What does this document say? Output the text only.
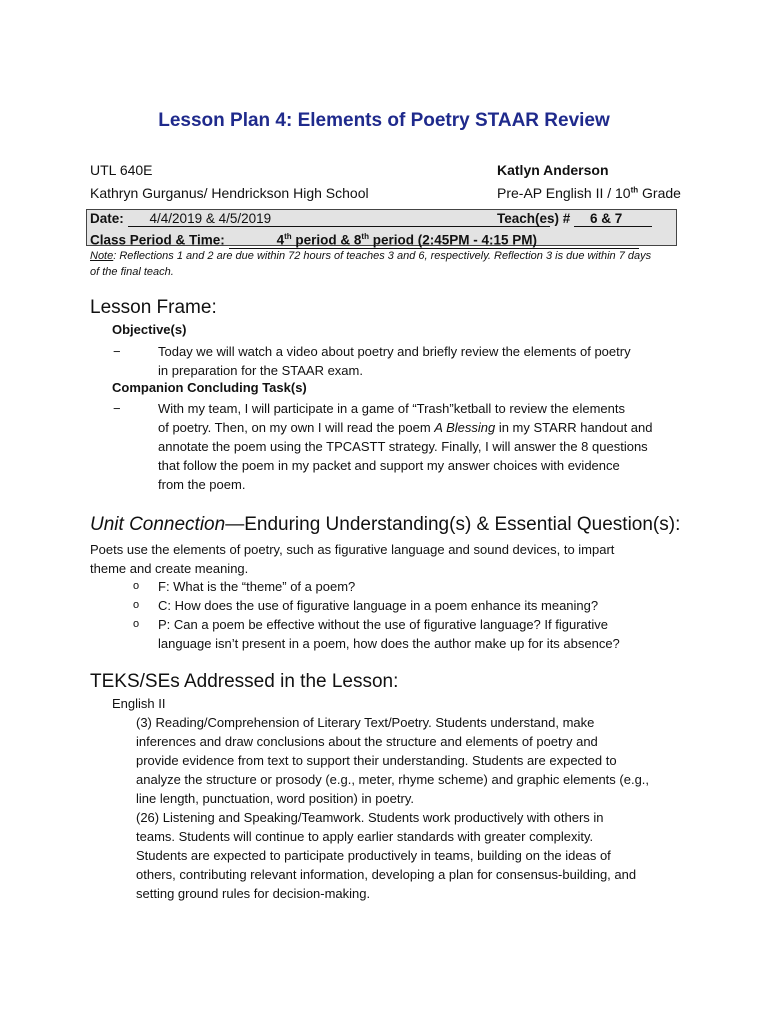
Lesson Plan 4: Elements of Poetry STAAR Review
UTL 640E
Kathryn Gurganus/ Hendrickson High School
Katlyn Anderson
Pre-AP English II / 10th Grade
Date: 4/4/2019 & 4/5/2019	Teach(es) # 6 & 7
Class Period & Time:	4th period & 8th period (2:45PM - 4:15 PM)
Note: Reflections 1 and 2 are due within 72 hours of teaches 3 and 6, respectively. Reflection 3 is due within 7 days
of the final teach.
Lesson Frame:
Objective(s)
−	Today we will watch a video about poetry and briefly review the elements of poetry
in preparation for the STAAR exam.
Companion Concluding Task(s)
−	With my team, I will participate in a game of “Trash”ketball to review the elements
of poetry. Then, on my own I will read the poem A Blessing in my STARR handout and
annotate the poem using the TPCASTT strategy. Finally, I will answer the 8 questions
that follow the poem in my packet and support my answer choices with evidence
from the poem.
Unit Connection—Enduring Understanding(s) & Essential Question(s):
Poets use the elements of poetry, such as figurative language and sound devices, to impart
theme and create meaning.
o F: What is the “theme” of a poem?
o C: How does the use of figurative language in a poem enhance its meaning?
o P: Can a poem be effective without the use of figurative language? If figurative
language isn’t present in a poem, how does the author make up for its absence?
TEKS/SEs Addressed in the Lesson:
English II
(3) Reading/Comprehension of Literary Text/Poetry. Students understand, make
inferences and draw conclusions about the structure and elements of poetry and
provide evidence from text to support their understanding. Students are expected to
analyze the structure or prosody (e.g., meter, rhyme scheme) and graphic elements (e.g.,
line length, punctuation, word position) in poetry.
(26) Listening and Speaking/Teamwork. Students work productively with others in
teams. Students will continue to apply earlier standards with greater complexity.
Students are expected to participate productively in teams, building on the ideas of
others, contributing relevant information, developing a plan for consensus-building, and
setting ground rules for decision-making.
